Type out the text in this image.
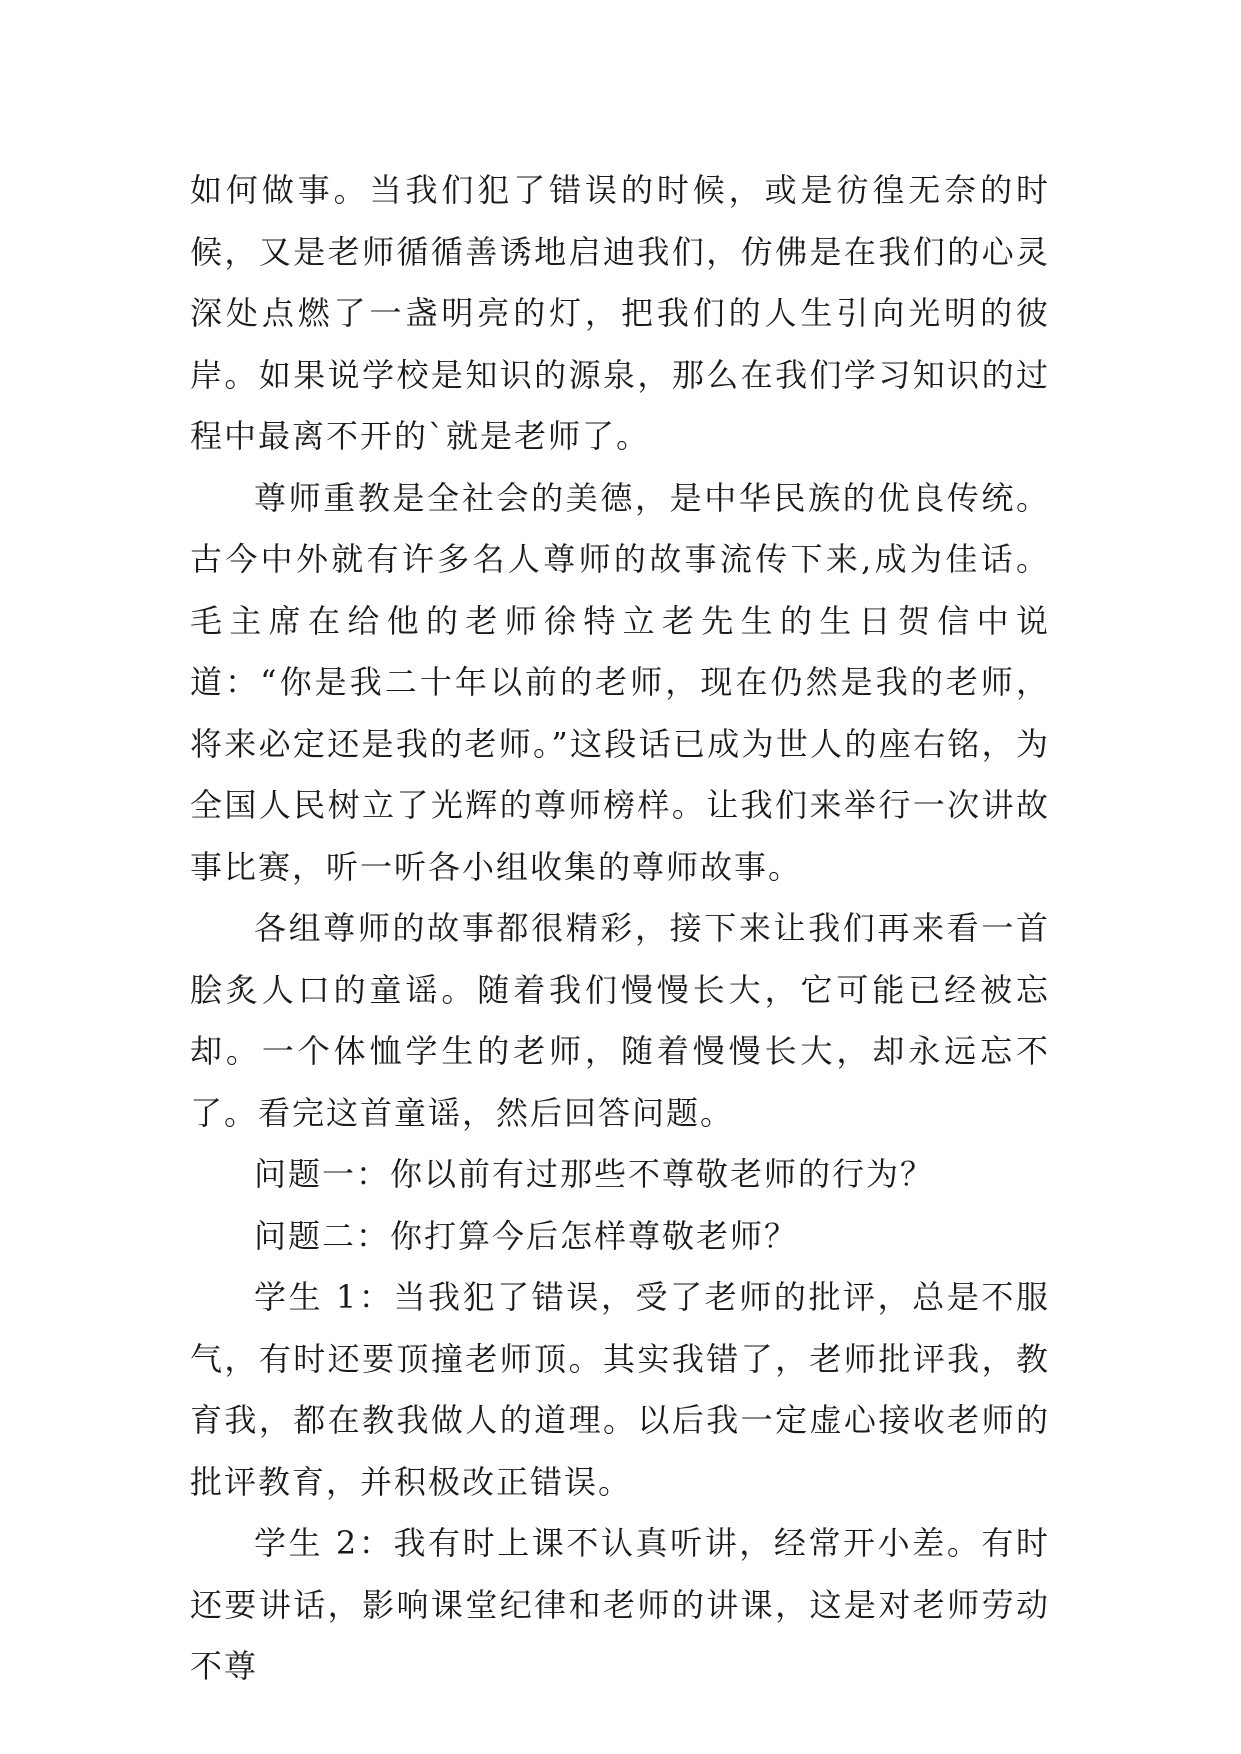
如何做事。当我们犯了错误的时候，或是彷徨无奈的时候，又是老师循循善诱地启迪我们，仿佛是在我们的心灵深处点燃了一盏明亮的灯，把我们的人生引向光明的彼岸。如果说学校是知识的源泉，那么在我们学习知识的过程中最离不开的`就是老师了。

尊师重教是全社会的美德，是中华民族的优良传统。古今中外就有许多名人尊师的故事流传下来,成为佳话。毛主席在给他的老师徐特立老先生的生日贺信中说道：“你是我二十年以前的老师，现在仍然是我的老师，将来必定还是我的老师。”这段话已成为世人的座右铭，为全国人民树立了光辉的尊师榜样。让我们来举行一次讲故事比赛，听一听各小组收集的尊师故事。

各组尊师的故事都很精彩，接下来让我们再来看一首脍炙人口的童谣。随着我们慢慢长大，它可能已经被忘却。一个体恤学生的老师，随着慢慢长大，却永远忘不了。看完这首童谣，然后回答问题。

问题一：你以前有过那些不尊敬老师的行为？

问题二：你打算今后怎样尊敬老师？

学生 1：当我犯了错误，受了老师的批评，总是不服气，有时还要顶撞老师顶。其实我错了，老师批评我，教育我，都在教我做人的道理。以后我一定虚心接收老师的批评教育，并积极改正错误。

学生 2：我有时上课不认真听讲，经常开小差。有时还要讲话，影响课堂纪律和老师的讲课，这是对老师劳动不尊
